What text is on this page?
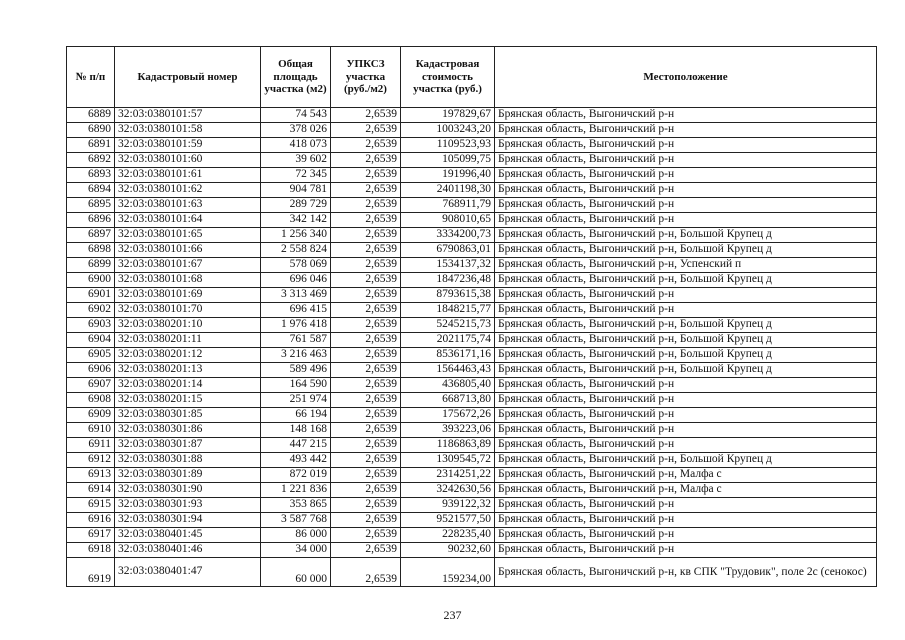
№ п/п	Кадастровый номер	Общая площадь участка (м2)	УПКСЗ участка (руб./м2)	Кадастровая стоимость участка (руб.)	Местоположение
6889	32:03:0380101:57	74 543	2,6539	197829,67	Брянская область, Выгоничский р-н
6890	32:03:0380101:58	378 026	2,6539	1003243,20	Брянская область, Выгоничский р-н
6891	32:03:0380101:59	418 073	2,6539	1109523,93	Брянская область, Выгоничский р-н
6892	32:03:0380101:60	39 602	2,6539	105099,75	Брянская область, Выгоничский р-н
6893	32:03:0380101:61	72 345	2,6539	191996,40	Брянская область, Выгоничский р-н
6894	32:03:0380101:62	904 781	2,6539	2401198,30	Брянская область, Выгоничский р-н
6895	32:03:0380101:63	289 729	2,6539	768911,79	Брянская область, Выгоничский р-н
6896	32:03:0380101:64	342 142	2,6539	908010,65	Брянская область, Выгоничский р-н
6897	32:03:0380101:65	1 256 340	2,6539	3334200,73	Брянская область, Выгоничский р-н, Большой Крупец д
6898	32:03:0380101:66	2 558 824	2,6539	6790863,01	Брянская область, Выгоничский р-н, Большой Крупец д
6899	32:03:0380101:67	578 069	2,6539	1534137,32	Брянская область, Выгоничский р-н, Успенский п
6900	32:03:0380101:68	696 046	2,6539	1847236,48	Брянская область, Выгоничский р-н, Большой Крупец д
6901	32:03:0380101:69	3 313 469	2,6539	8793615,38	Брянская область, Выгоничский р-н
6902	32:03:0380101:70	696 415	2,6539	1848215,77	Брянская область, Выгоничский р-н
6903	32:03:0380201:10	1 976 418	2,6539	5245215,73	Брянская область, Выгоничский р-н, Большой Крупец д
6904	32:03:0380201:11	761 587	2,6539	2021175,74	Брянская область, Выгоничский р-н, Большой Крупец д
6905	32:03:0380201:12	3 216 463	2,6539	8536171,16	Брянская область, Выгоничский р-н, Большой Крупец д
6906	32:03:0380201:13	589 496	2,6539	1564463,43	Брянская область, Выгоничский р-н, Большой Крупец д
6907	32:03:0380201:14	164 590	2,6539	436805,40	Брянская область, Выгоничский р-н
6908	32:03:0380201:15	251 974	2,6539	668713,80	Брянская область, Выгоничский р-н
6909	32:03:0380301:85	66 194	2,6539	175672,26	Брянская область, Выгоничский р-н
6910	32:03:0380301:86	148 168	2,6539	393223,06	Брянская область, Выгоничский р-н
6911	32:03:0380301:87	447 215	2,6539	1186863,89	Брянская область, Выгоничский р-н
6912	32:03:0380301:88	493 442	2,6539	1309545,72	Брянская область, Выгоничский р-н, Большой Крупец д
6913	32:03:0380301:89	872 019	2,6539	2314251,22	Брянская область, Выгоничский р-н, Малфа с
6914	32:03:0380301:90	1 221 836	2,6539	3242630,56	Брянская область, Выгоничский р-н, Малфа с
6915	32:03:0380301:93	353 865	2,6539	939122,32	Брянская область, Выгоничский р-н
6916	32:03:0380301:94	3 587 768	2,6539	9521577,50	Брянская область, Выгоничский р-н
6917	32:03:0380401:45	86 000	2,6539	228235,40	Брянская область, Выгоничский р-н
6918	32:03:0380401:46	34 000	2,6539	90232,60	Брянская область, Выгоничский р-н
6919	32:03:0380401:47	60 000	2,6539	159234,00	Брянская область, Выгоничский р-н, кв СПК "Трудовик", поле 2с (сенокос)
237
